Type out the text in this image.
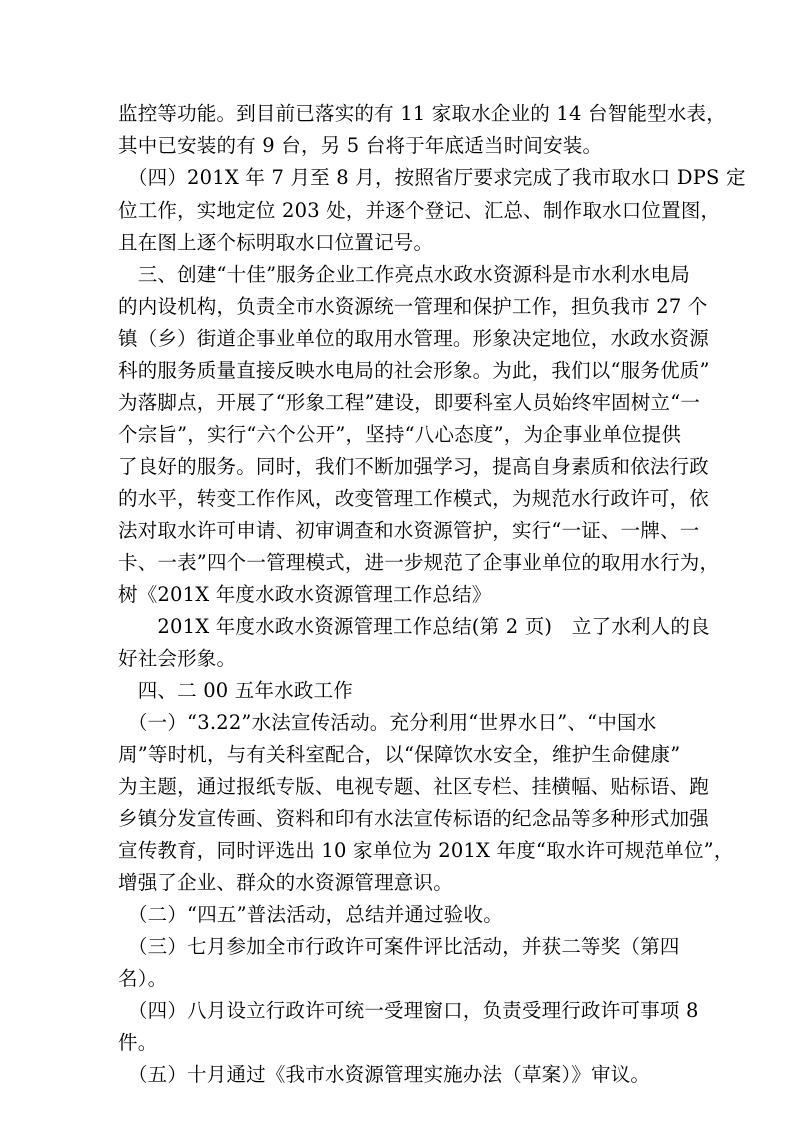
监控等功能。到目前已落实的有 11 家取水企业的 14 台智能型水表，
其中已安装的有 9 台，另 5 台将于年底适当时间安装。
　（四）201X 年 7 月至 8 月，按照省厅要求完成了我市取水口 DPS 定
位工作，实地定位 203 处，并逐个登记、汇总、制作取水口位置图，
且在图上逐个标明取水口位置记号。
　三、创建“十佳”服务企业工作亮点水政水资源科是市水利水电局
的内设机构，负责全市水资源统一管理和保护工作，担负我市 27 个
镇（乡）街道企事业单位的取用水管理。形象决定地位，水政水资源
科的服务质量直接反映水电局的社会形象。为此，我们以“服务优质”
为落脚点，开展了“形象工程”建设，即要科室人员始终牢固树立“一
个宗旨”，实行“六个公开”，坚持“八心态度”，为企事业单位提供
了良好的服务。同时，我们不断加强学习，提高自身素质和依法行政
的水平，转变工作作风，改变管理工作模式，为规范水行政许可，依
法对取水许可申请、初审调查和水资源管护，实行“一证、一牌、一
卡、一表”四个一管理模式，进一步规范了企事业单位的取用水行为，
树《201X 年度水政水资源管理工作总结》
　　201X 年度水政水资源管理工作总结(第 2 页)　立了水利人的良
好社会形象。
　四、二 00 五年水政工作
　（一）“3.22”水法宣传活动。充分利用“世界水日”、“中国水
周”等时机，与有关科室配合，以“保障饮水安全，维护生命健康”
为主题，通过报纸专版、电视专题、社区专栏、挂横幅、贴标语、跑
乡镇分发宣传画、资料和印有水法宣传标语的纪念品等多种形式加强
宣传教育，同时评选出 10 家单位为 201X 年度“取水许可规范单位”，
增强了企业、群众的水资源管理意识。
　（二）“四五”普法活动，总结并通过验收。
　（三）七月参加全市行政许可案件评比活动，并获二等奖（第四
名）。
　（四）八月设立行政许可统一受理窗口，负责受理行政许可事项 8
件。
　（五）十月通过《我市水资源管理实施办法（草案）》审议。
